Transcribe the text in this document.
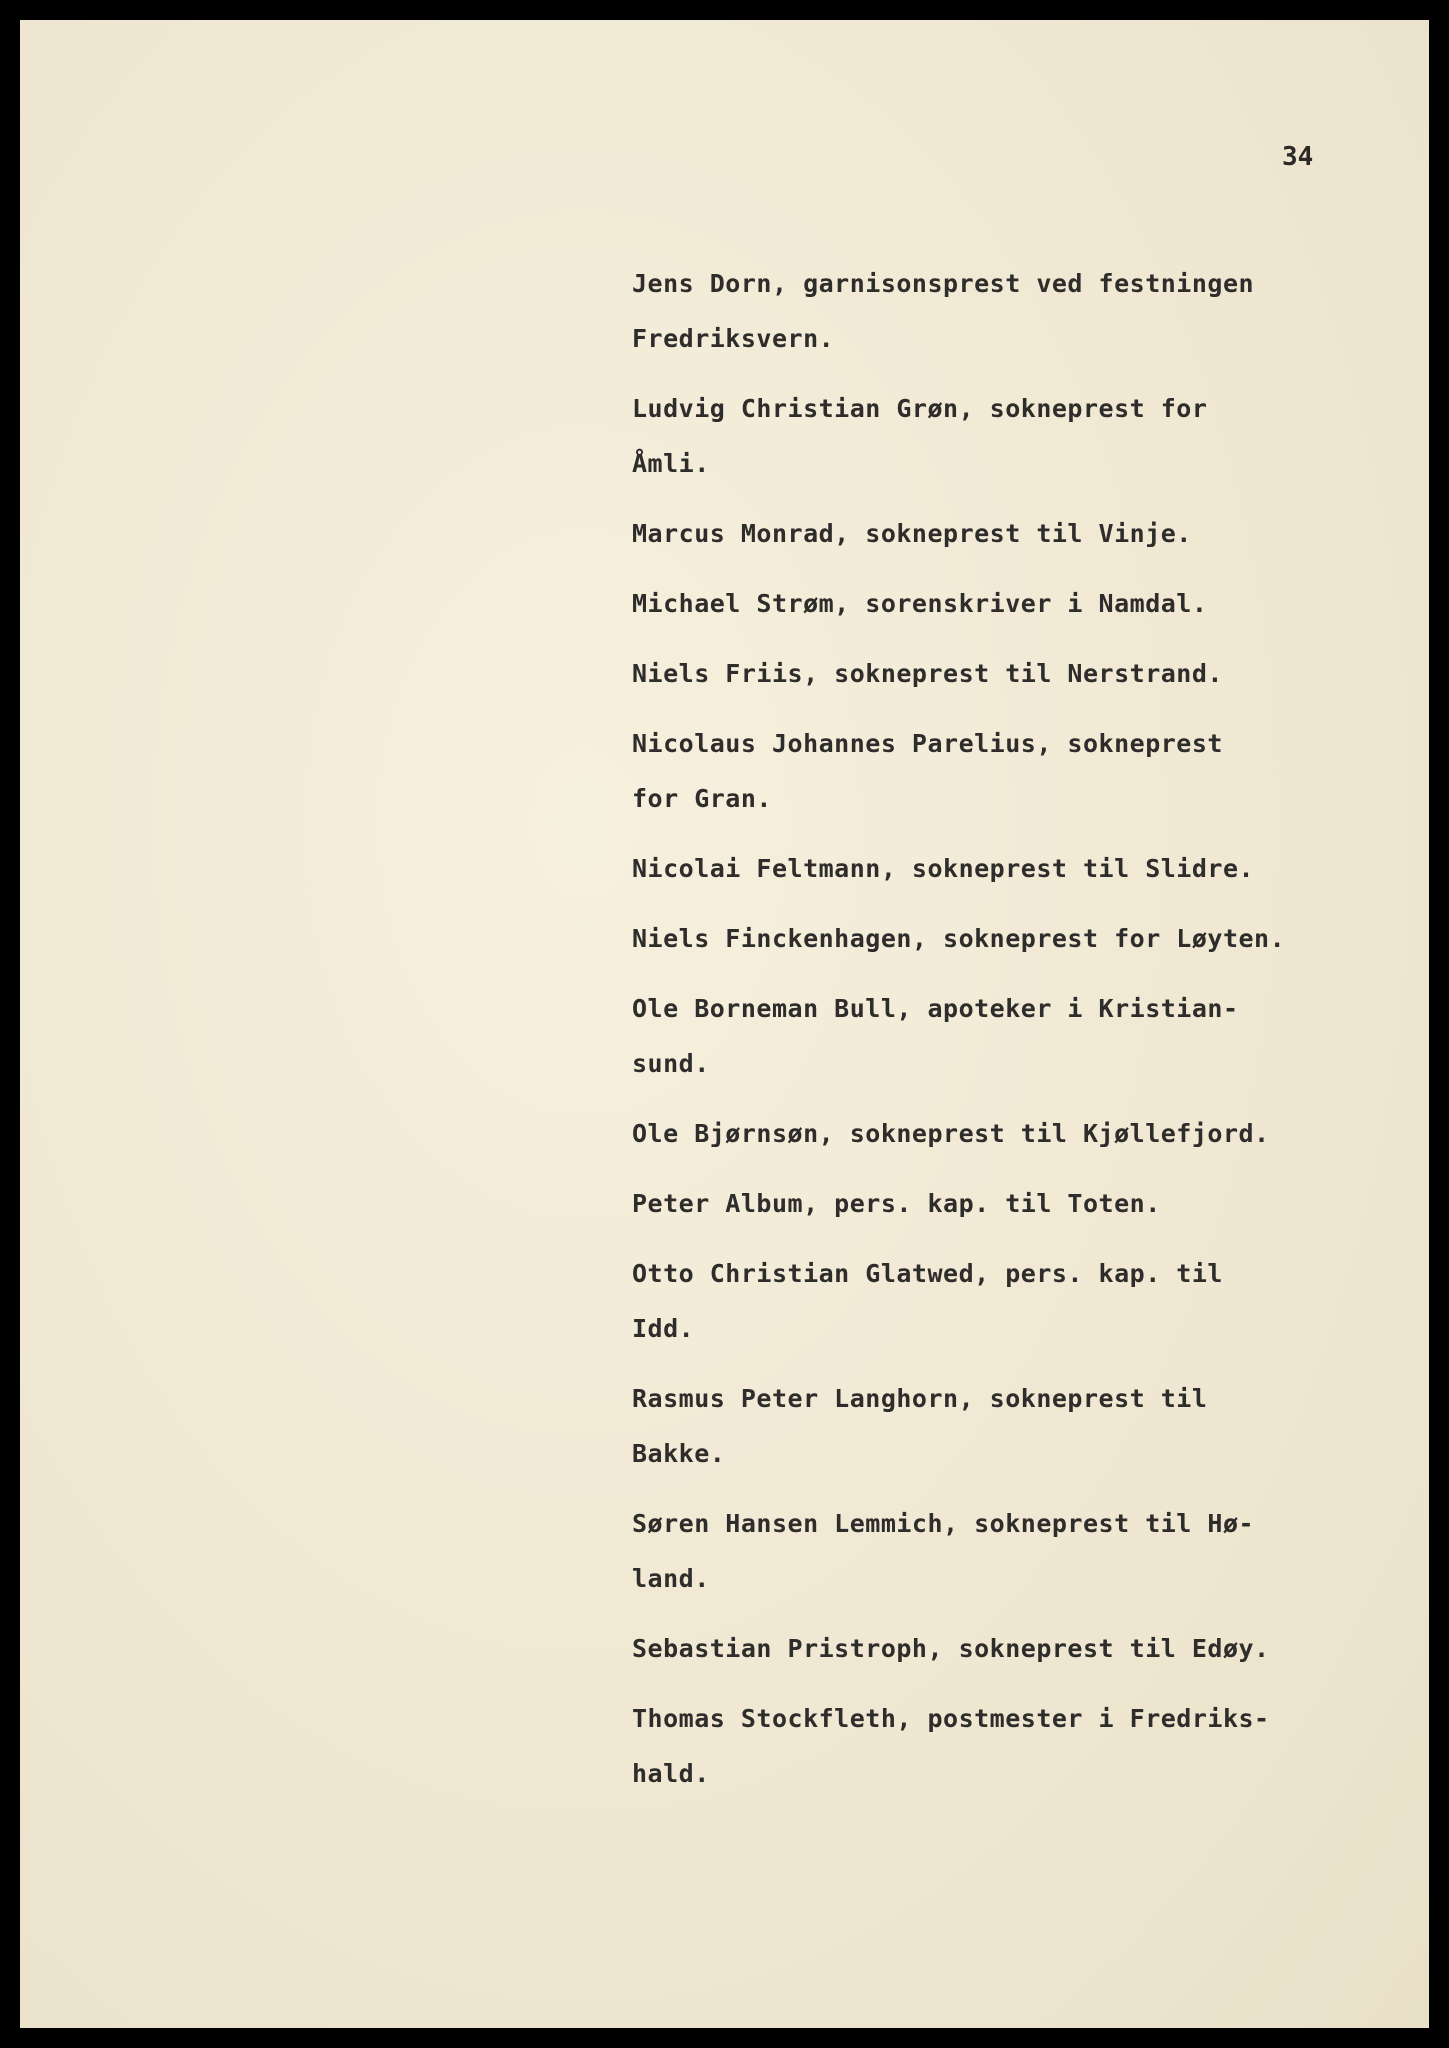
34

Jens Dorn, garnisonsprest ved festningen
Fredriksvern.
Ludvig Christian Grøn, sokneprest for
Åmli.
Marcus Monrad, sokneprest til Vinje.
Michael Strøm, sorenskriver i Namdal.
Niels Friis, sokneprest til Nerstrand.
Nicolaus Johannes Parelius, sokneprest
for Gran.
Nicolai Feltmann, sokneprest til Slidre.
Niels Finckenhagen, sokneprest for Løyten.
Ole Borneman Bull, apoteker i Kristian-
sund.
Ole Bjørnsøn, sokneprest til Kjøllefjord.
Peter Album, pers. kap. til Toten.
Otto Christian Glatwed, pers. kap. til
Idd.
Rasmus Peter Langhorn, sokneprest til
Bakke.
Søren Hansen Lemmich, sokneprest til Hø-
land.
Sebastian Pristroph, sokneprest til Edøy.
Thomas Stockfleth, postmester i Fredriks-
hald.
